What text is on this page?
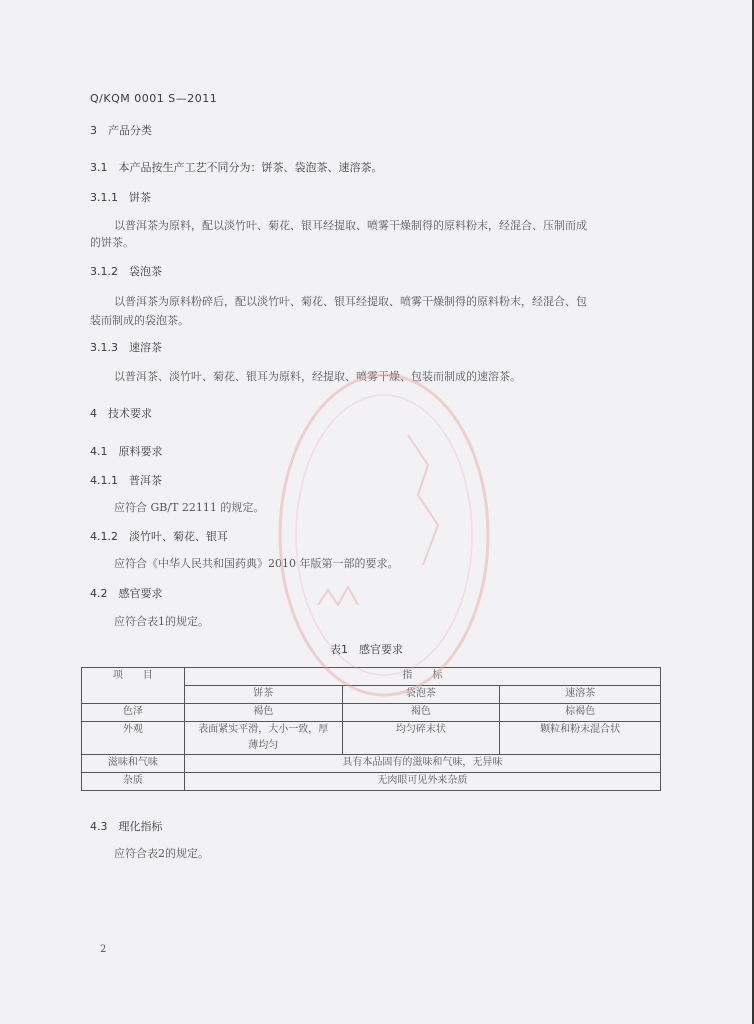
Q/KQM 0001 S—2011
3　产品分类
3.1　本产品按生产工艺不同分为：饼茶、袋泡茶、速溶茶。
3.1.1　饼茶
以普洱茶为原料，配以淡竹叶、菊花、银耳经提取、喷雾干燥制得的原料粉末，经混合、压制而成
的饼茶。
3.1.2　袋泡茶
以普洱茶为原料粉碎后，配以淡竹叶、菊花、银耳经提取、喷雾干燥制得的原料粉末，经混合、包
装而制成的袋泡茶。
3.1.3　速溶茶
以普洱茶、淡竹叶、菊花、银耳为原料，经提取、喷雾干燥、包装而制成的速溶茶。
4　技术要求
4.1　原料要求
4.1.1　普洱茶
应符合 GB/T 22111 的规定。
4.1.2　淡竹叶、菊花、银耳
应符合《中华人民共和国药典》2010 年版第一部的要求。
4.2　感官要求
应符合表1的规定。
表1　感官要求
项　　目	指　　标		
	饼茶	袋泡茶	速溶茶
色泽	褐色	褐色	棕褐色
外观	表面紧实平滑，大小一致，厚
薄均匀	均匀碎末状	颗粒和粉末混合状
滋味和气味	具有本品固有的滋味和气味，无异味		
杂质	无肉眼可见外来杂质		
4.3　理化指标
应符合表2的规定。
2
